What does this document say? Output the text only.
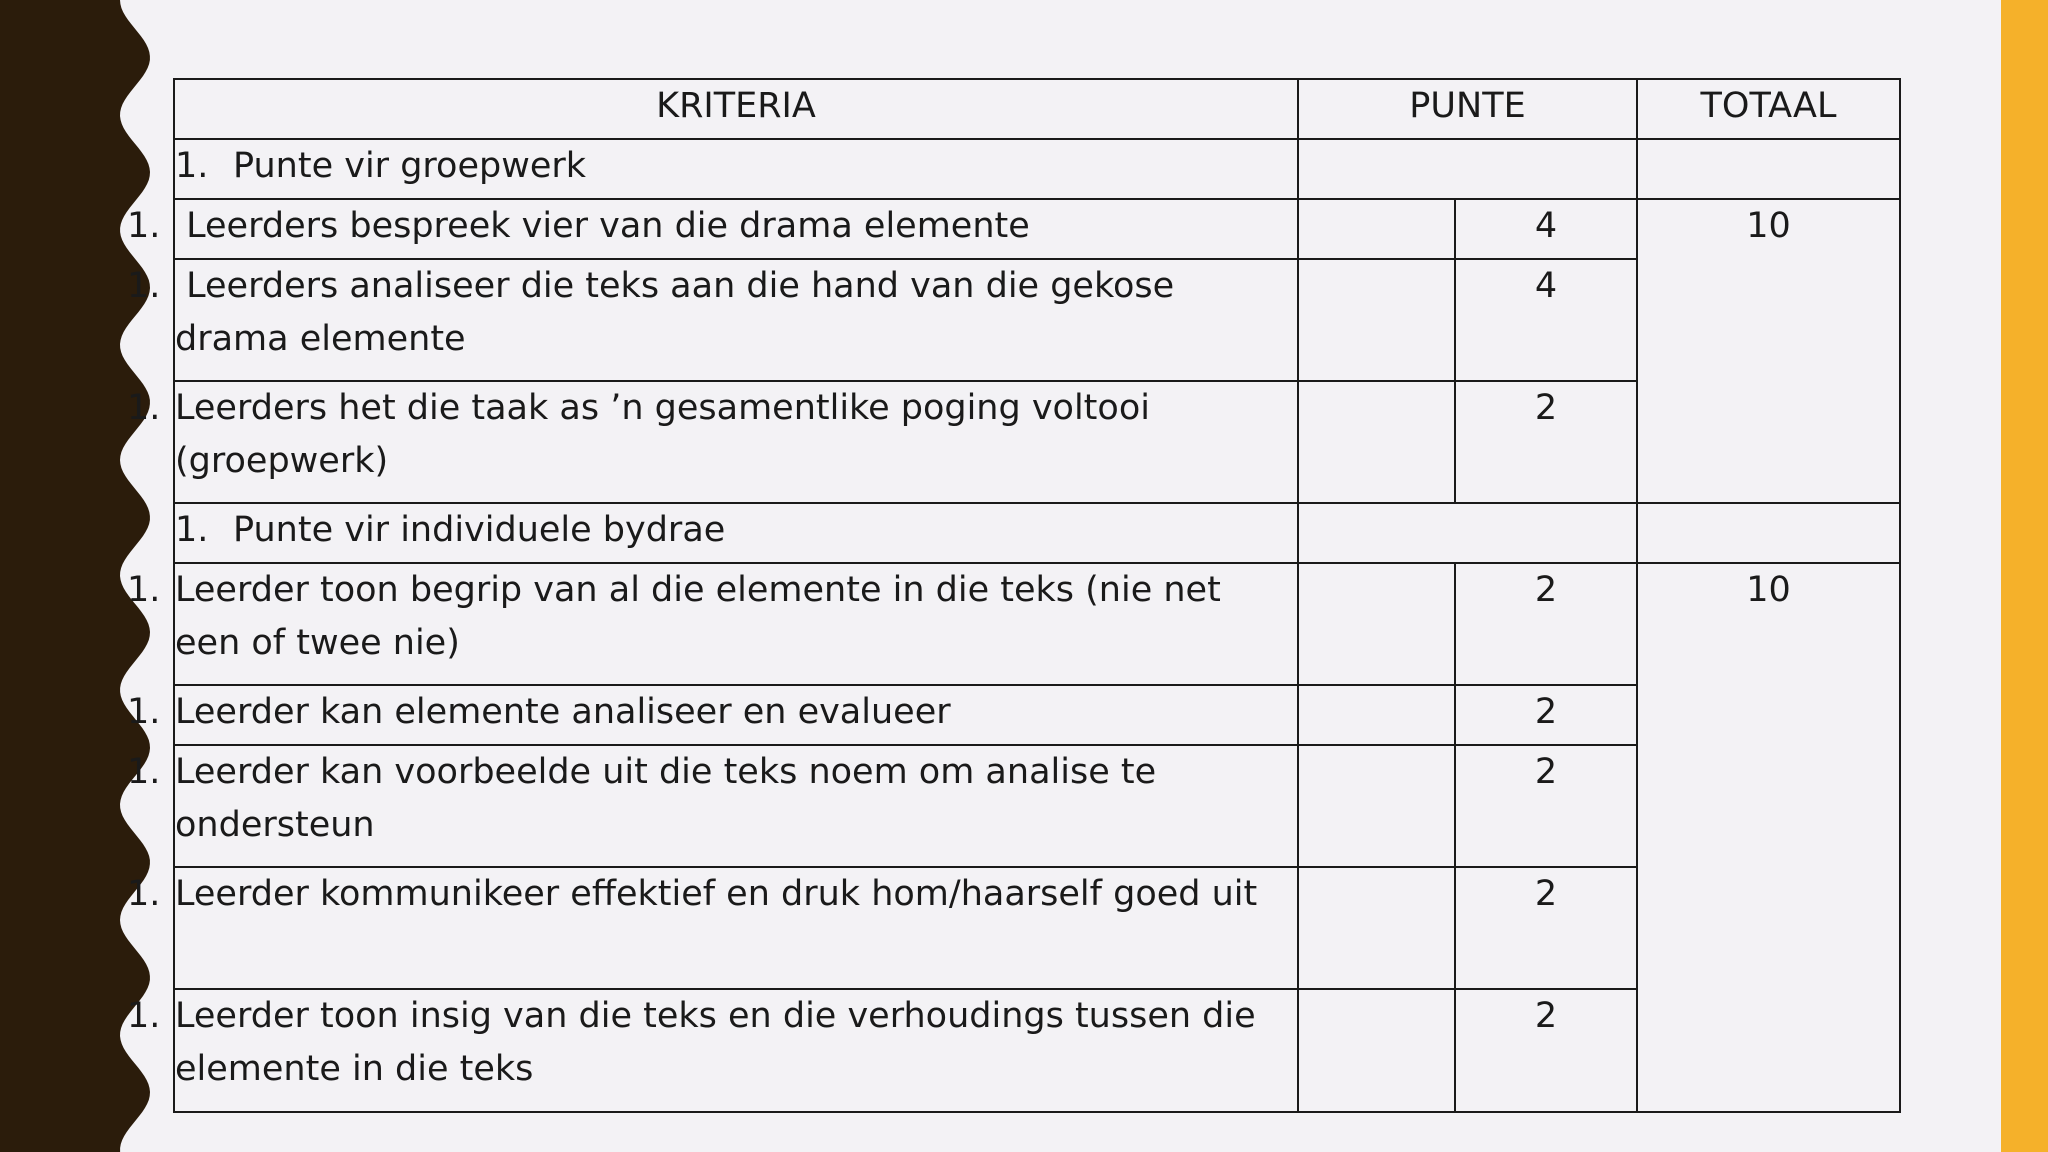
KRITERIA	PUNTE		TOTAAL
1. Punte vir groepwerk			
1. Leerders bespreek vier van die drama elemente		4	10
1. Leerders analiseer die teks aan die hand van die gekose drama elemente		4	
1. Leerders het die taak as ’n gesamentlike poging voltooi (groepwerk)		2	
1. Punte vir individuele bydrae			
1. Leerder toon begrip van al die elemente in die teks (nie net een of twee nie)		2	10
1. Leerder kan elemente analiseer en evalueer		2	
1. Leerder kan voorbeelde uit die teks noem om analise te ondersteun		2	
1. Leerder kommunikeer effektief en druk hom/haarself goed uit		2	
1. Leerder toon insig van die teks en die verhoudings tussen die elemente in die teks		2	
